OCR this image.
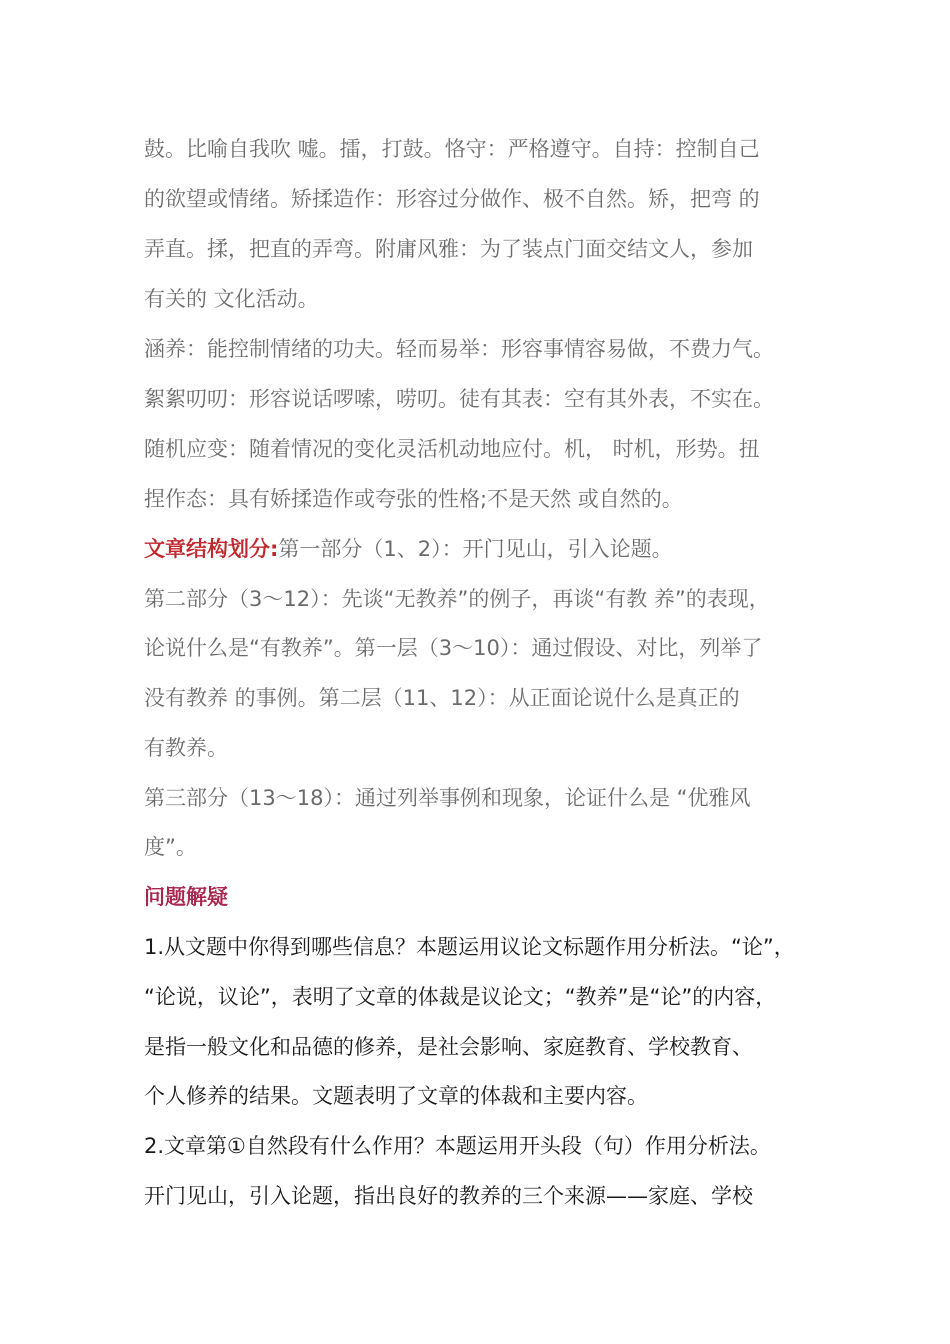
鼓。比喻自我吹 嘘。擂，打鼓。恪守：严格遵守。自持：控制自己
的欲望或情绪。矫揉造作：形容过分做作、极不自然。矫，把弯 的
弄直。揉，把直的弄弯。附庸风雅：为了装点门面交结文人，参加
有关的 文化活动。
涵养：能控制情绪的功夫。轻而易举：形容事情容易做，不费力气。
絮絮叨叨：形容说话啰嗦，唠叨。徒有其表：空有其外表，不实在。
随机应变：随着情况的变化灵活机动地应付。机， 时机，形势。扭
捏作态：具有娇揉造作或夸张的性格;不是天然 或自然的。
文章结构划分:第一部分（1、2）：开门见山，引入论题。
第二部分（3～12）：先谈“无教养”的例子，再谈“有教 养”的表现，
论说什么是“有教养”。第一层（3～10）：通过假设、对比，列举了
没有教养 的事例。第二层（11、12）：从正面论说什么是真正的
有教养。
第三部分（13～18）：通过列举事例和现象，论证什么是 “优雅风
度”。
问题解疑
1.从文题中你得到哪些信息？本题运用议论文标题作用分析法。“论”，
“论说，议论”，表明了文章的体裁是议论文；“教养”是“论”的内容，
是指一般文化和品德的修养，是社会影响、家庭教育、学校教育、
个人修养的结果。文题表明了文章的体裁和主要内容。
2.文章第①自然段有什么作用？本题运用开头段（句）作用分析法。
开门见山，引入论题，指出良好的教养的三个来源——家庭、学校
